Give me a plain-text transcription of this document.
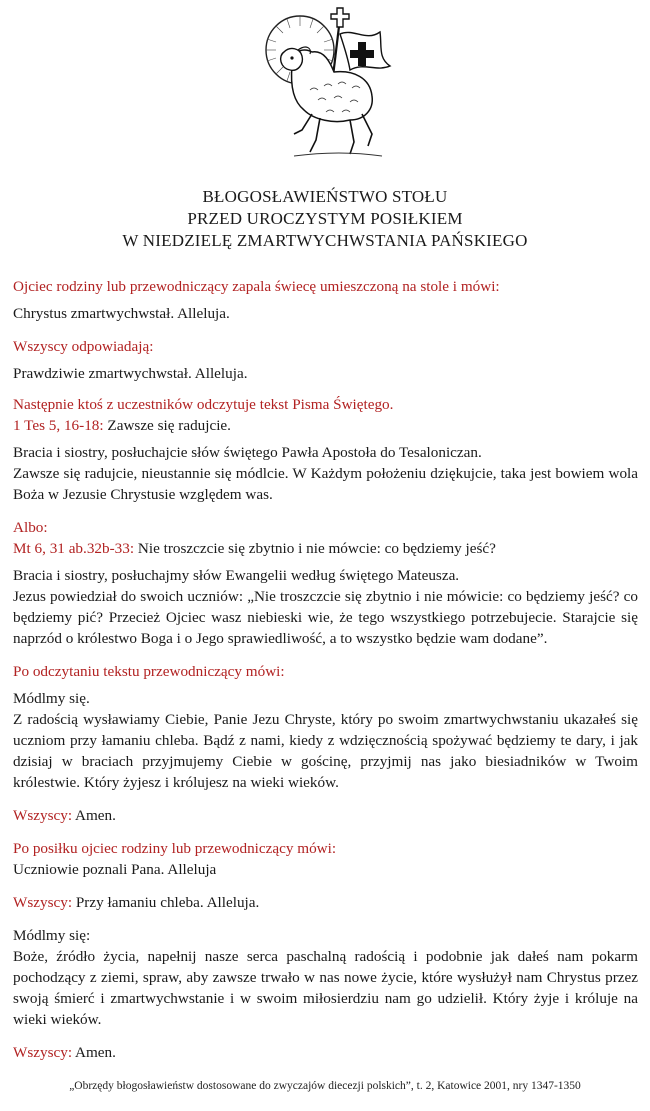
BŁOGOSŁAWIEŃSTWO STOŁU
PRZED UROCZYSTYM POSIŁKIEM
W NIEDZIELĘ ZMARTWYCHWSTANIA PAŃSKIEGO

Ojciec rodziny lub przewodniczący zapala świecę umieszczoną na stole i mówi:

Chrystus zmartwychwstał. Alleluja.

Wszyscy odpowiadają:

Prawdziwie zmartwychwstał. Alleluja.

Następnie ktoś z uczestników odczytuje tekst Pisma Świętego.

1 Tes 5, 16-18: Zawsze się radujcie.

Bracia i siostry, posłuchajcie słów świętego Pawła Apostoła do Tesaloniczan.

Zawsze się radujcie, nieustannie się módlcie. W Każdym położeniu dziękujcie, taka jest bowiem wola Boża w Jezusie Chrystusie względem was.

Albo:

Mt 6, 31 ab.32b-33: Nie troszczcie się zbytnio i nie mówcie: co będziemy jeść?

Bracia i siostry, posłuchajmy słów Ewangelii według świętego Mateusza.

Jezus powiedział do swoich uczniów: „Nie troszczcie się zbytnio i nie mówicie: co będziemy jeść? co będziemy pić? Przecież Ojciec wasz niebieski wie, że tego wszystkiego potrzebujecie. Starajcie się naprzód o królestwo Boga i o Jego sprawiedliwość, a to wszystko będzie wam dodane”.

Po odczytaniu tekstu przewodniczący mówi:

Módlmy się.

Z radością wysławiamy Ciebie, Panie Jezu Chryste, który po swoim zmartwychwstaniu ukazałeś się uczniom przy łamaniu chleba. Bądź z nami, kiedy z wdzięcznością spożywać będziemy te dary, i jak dzisiaj w braciach przyjmujemy Ciebie w gościnę, przyjmij nas jako biesiadników w Twoim królestwie. Który żyjesz i królujesz na wieki wieków.

Wszyscy: Amen.

Po posiłku ojciec rodziny lub przewodniczący mówi:

Uczniowie poznali Pana. Alleluja

Wszyscy: Przy łamaniu chleba. Alleluja.

Módlmy się:

Boże, źródło życia, napełnij nasze serca paschalną radością i podobnie jak dałeś nam pokarm pochodzący z ziemi, spraw, aby zawsze trwało w nas nowe życie, które wysłużył nam Chrystus przez swoją śmierć i zmartwychwstanie i w swoim miłosierdziu nam go udzielił. Który żyje i króluje na wieki wieków.

Wszyscy: Amen.

„Obrzędy błogosławieństw dostosowane do zwyczajów diecezji polskich”, t. 2, Katowice 2001, nry 1347-1350
